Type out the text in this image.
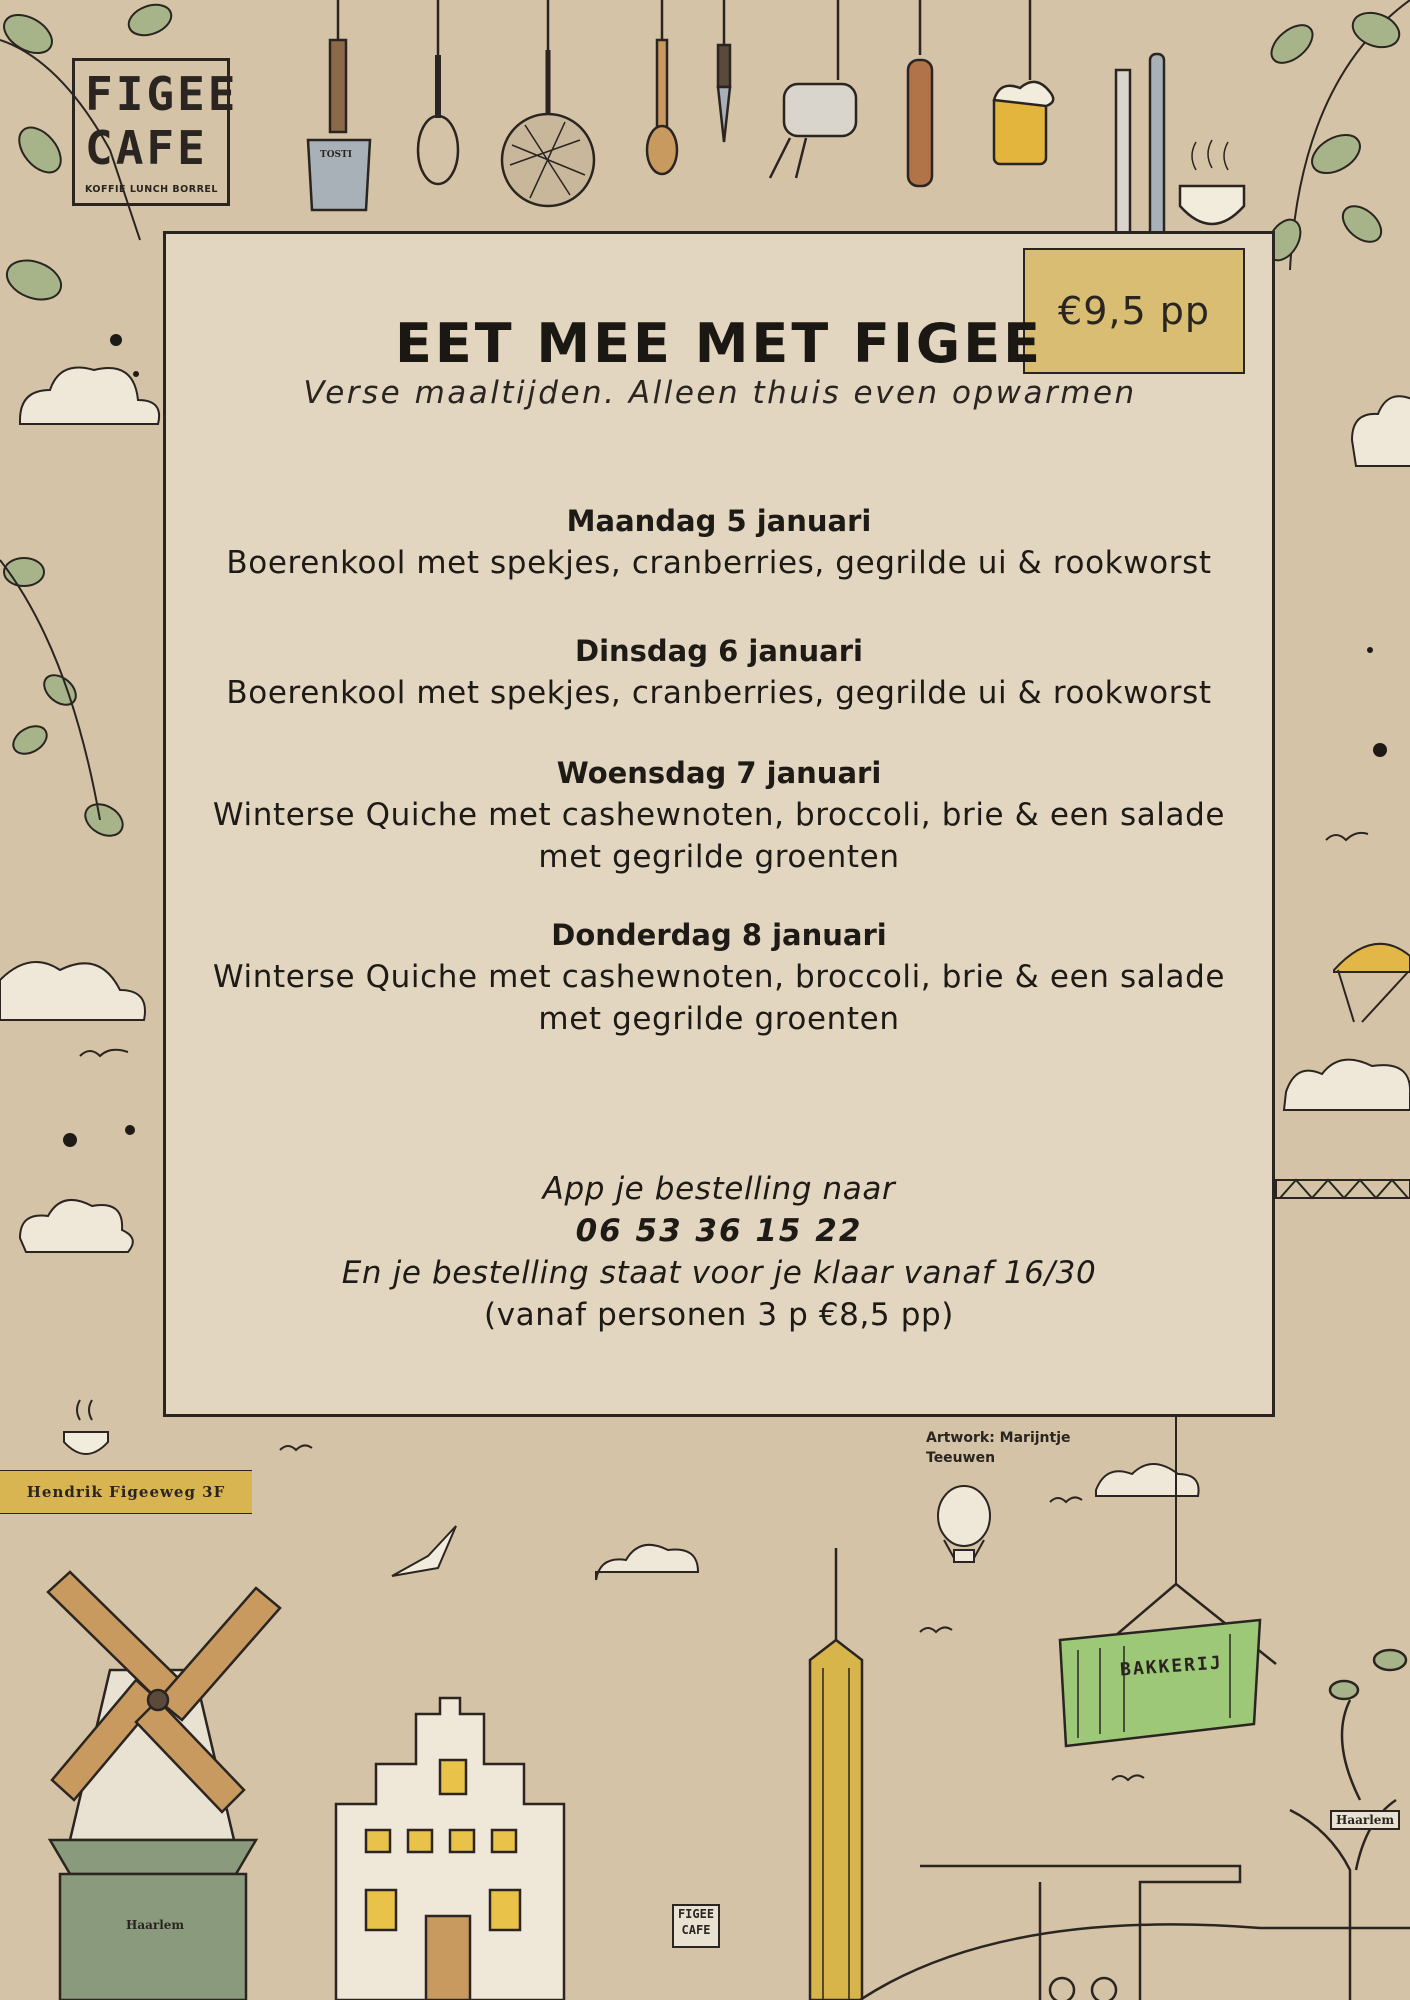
FIGEE
CAFE
KOFFIE LUNCH BORREL
€9,5 pp
EET MEE MET FIGEE
Verse maaltijden. Alleen thuis even opwarmen
Maandag 5 januari
Boerenkool met spekjes, cranberries, gegrilde ui & rookworst
Dinsdag 6 januari
Boerenkool met spekjes, cranberries, gegrilde ui & rookworst
Woensdag 7 januari
Winterse Quiche met cashewnoten, broccoli, brie & een salade
met gegrilde groenten
Donderdag 8 januari
Winterse Quiche met cashewnoten, broccoli, brie & een salade
met gegrilde groenten
App je bestelling naar
06 53 36 15 22
En je bestelling staat voor je klaar vanaf 16/30
(vanaf personen 3 p €8,5 pp)
Artwork: Marijntje Teeuwen
Hendrik Figeeweg 3F
BAKKERIJ
Haarlem
Haarlem
TOSTI
FIGEE
CAFE
